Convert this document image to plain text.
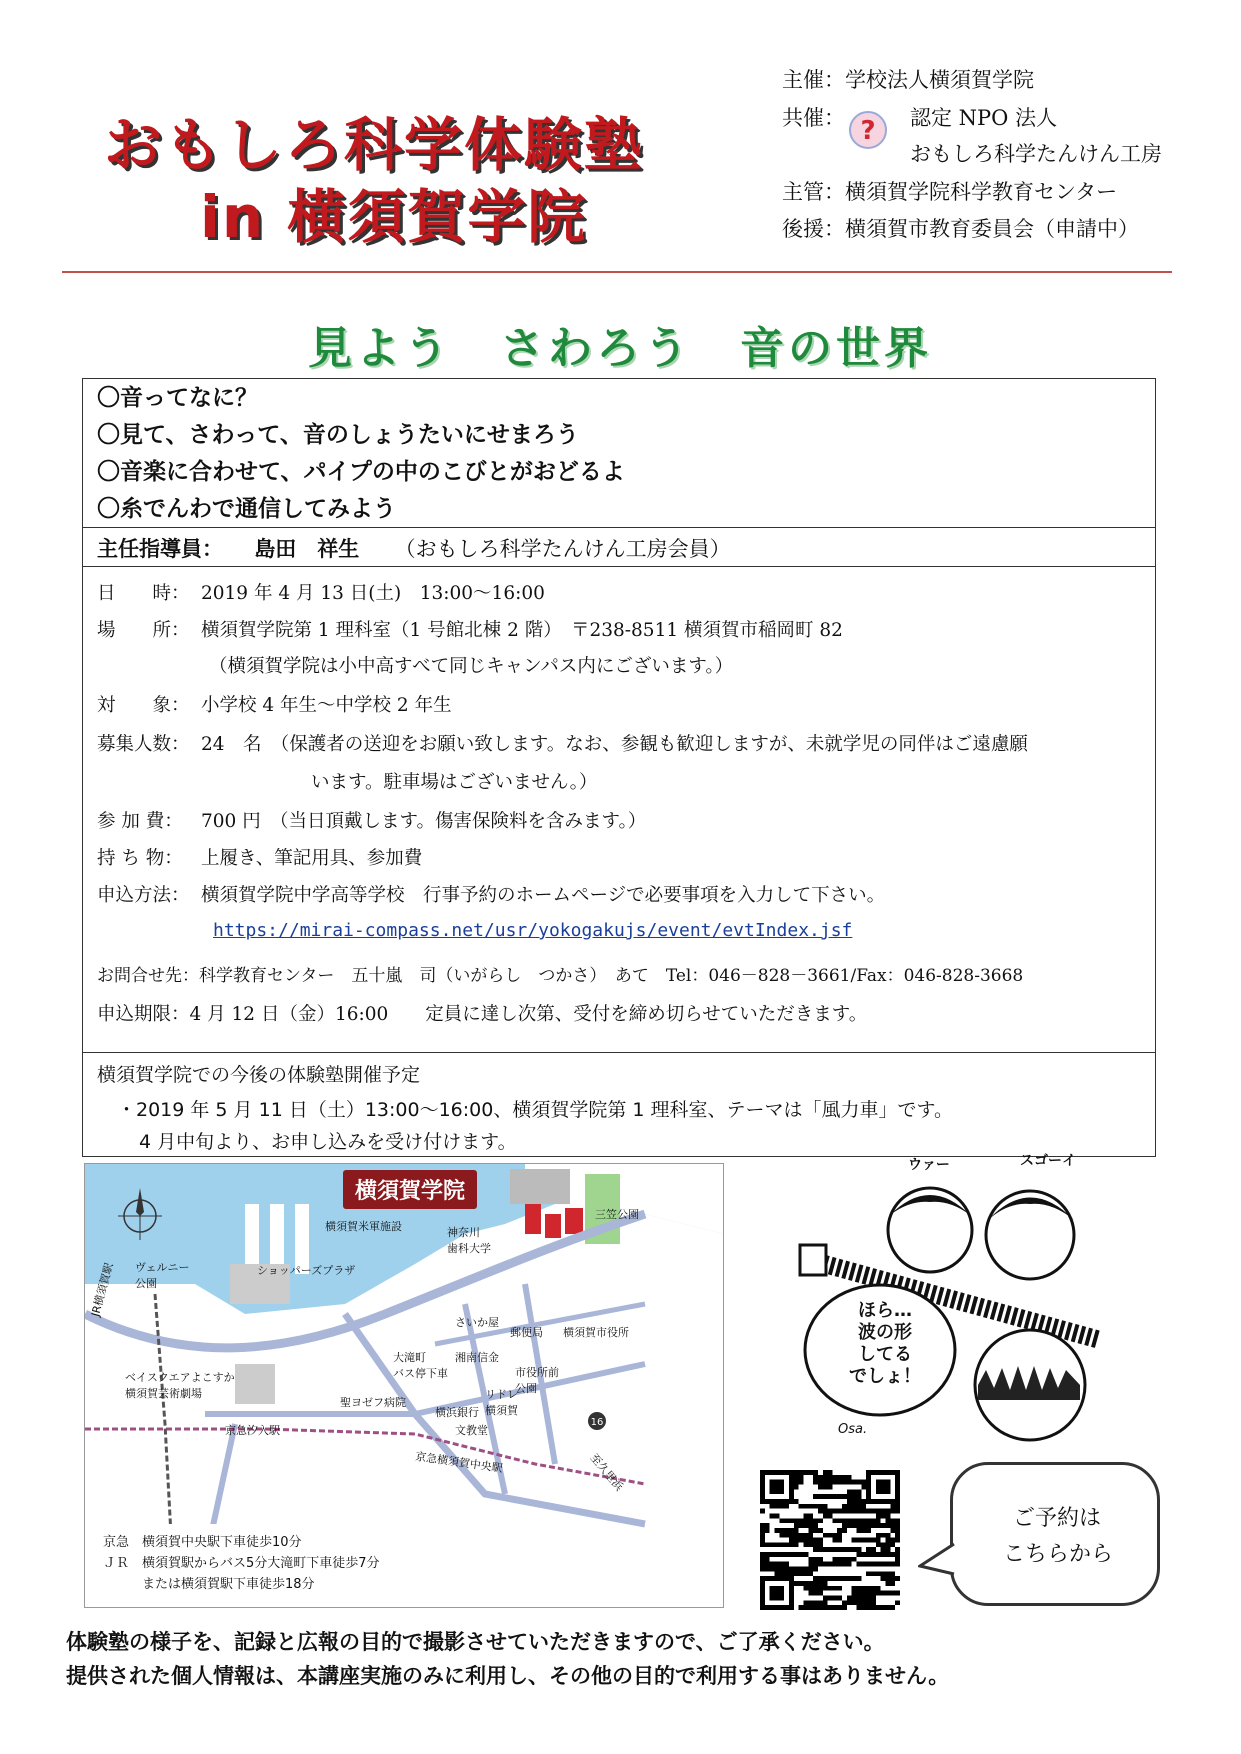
おもしろ科学体験塾
in 横須賀学院
主催：学校法人横須賀学院
共催： ? 認定 NPO 法人
おもしろ科学たんけん工房
主管：横須賀学院科学教育センター
後援：横須賀市教育委員会（申請中）
見よう　さわろう　音の世界
〇音ってなに？
〇見て、さわって、音のしょうたいにせまろう
〇音楽に合わせて、パイプの中のこびとがおどるよ
〇糸でんわで通信してみよう
主任指導員： 島田　祥生 （おもしろ科学たんけん工房会員）
日　　時： 2019 年 4 月 13 日(土)　13:00～16:00
場　　所： 横須賀学院第 1 理科室（1 号館北棟 2 階）　〒238-8511 横須賀市稲岡町 82
（横須賀学院は小中高すべて同じキャンパス内にございます。）
対　　象： 小学校 4 年生～中学校 2 年生
募集人数： 24　名　（保護者の送迎をお願い致します。なお、参観も歓迎しますが、未就学児の同伴はご遠慮願
います。駐車場はございません。）
参 加 費： 700 円　（当日頂戴します。傷害保険料を含みます。）
持 ち 物： 上履き、筆記用具、参加費
申込方法： 横須賀学院中学高等学校　行事予約のホームページで必要事項を入力して下さい。
https://mirai-compass.net/usr/yokogakujs/event/evtIndex.jsf
お問合せ先：科学教育センター　五十嵐　司（いがらし　つかさ）　あて　Tel：046－828－3661/Fax：046-828-3668
申込期限：4 月 12 日（金）16:00　　定員に達し次第、受付を締め切らせていただきます。
横須賀学院での今後の体験塾開催予定
・2019 年 5 月 11 日（土）13:00～16:00、横須賀学院第 1 理科室、テーマは「風力車」です。
4 月中旬より、お申し込みを受け付けます。
16
横須賀学院
横須賀米軍施設	神奈川
歯科大学
三笠公園
ヴェルニー
公園
ショッパーズプラザ
JR横須賀駅
さいか屋
郵便局 横須賀市役所
湘南信金
大滝町
バス停下車	市役所前
公園
リドレ
横須賀
ベイスクエアよこすか
横須賀芸術劇場
聖ヨゼフ病院
横浜銀行
文教堂
京急汐入駅
京急横須賀中央駅	至久里浜
京急　横須賀中央駅下車徒歩10分
ＪＲ　横須賀駅からバス5分大滝町下車徒歩7分
　　　または横須賀駅下車徒歩18分
ウァー	スゴーイ
ほら…
波の形
してる
でしょ！
Osa.
ご予約は
こちらから
体験塾の様子を、記録と広報の目的で撮影させていただきますので、ご了承ください。
提供された個人情報は、本講座実施のみに利用し、その他の目的で利用する事はありません。
